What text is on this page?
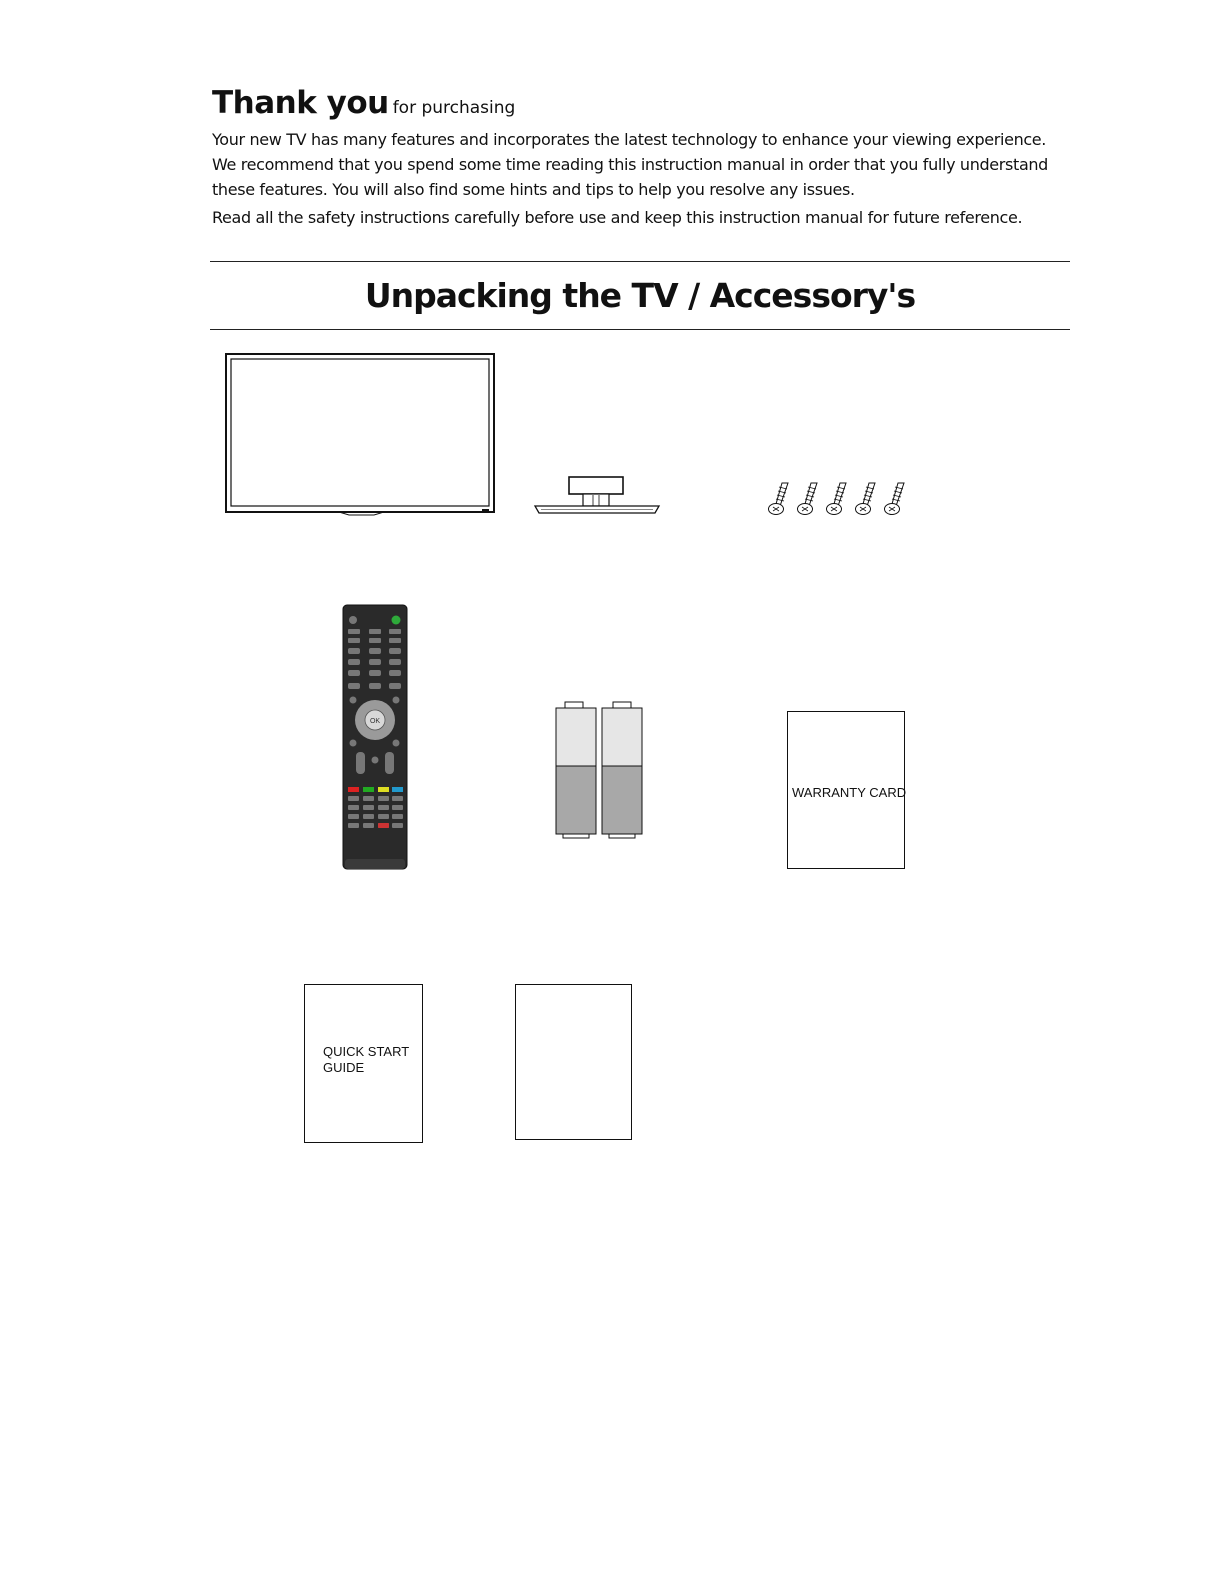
Thank you for purchasing

Your new TV has many features and incorporates the latest technology to enhance your viewing experience. We recommend that you spend some time reading this instruction manual in order that you fully understand these features. You will also find some hints and tips to help you resolve any issues.

Read all the safety instructions carefully before use and keep this instruction manual for future reference.

Unpacking the TV / Accessory's
OK
WARRANTY CARD
QUICK START
GUIDE
